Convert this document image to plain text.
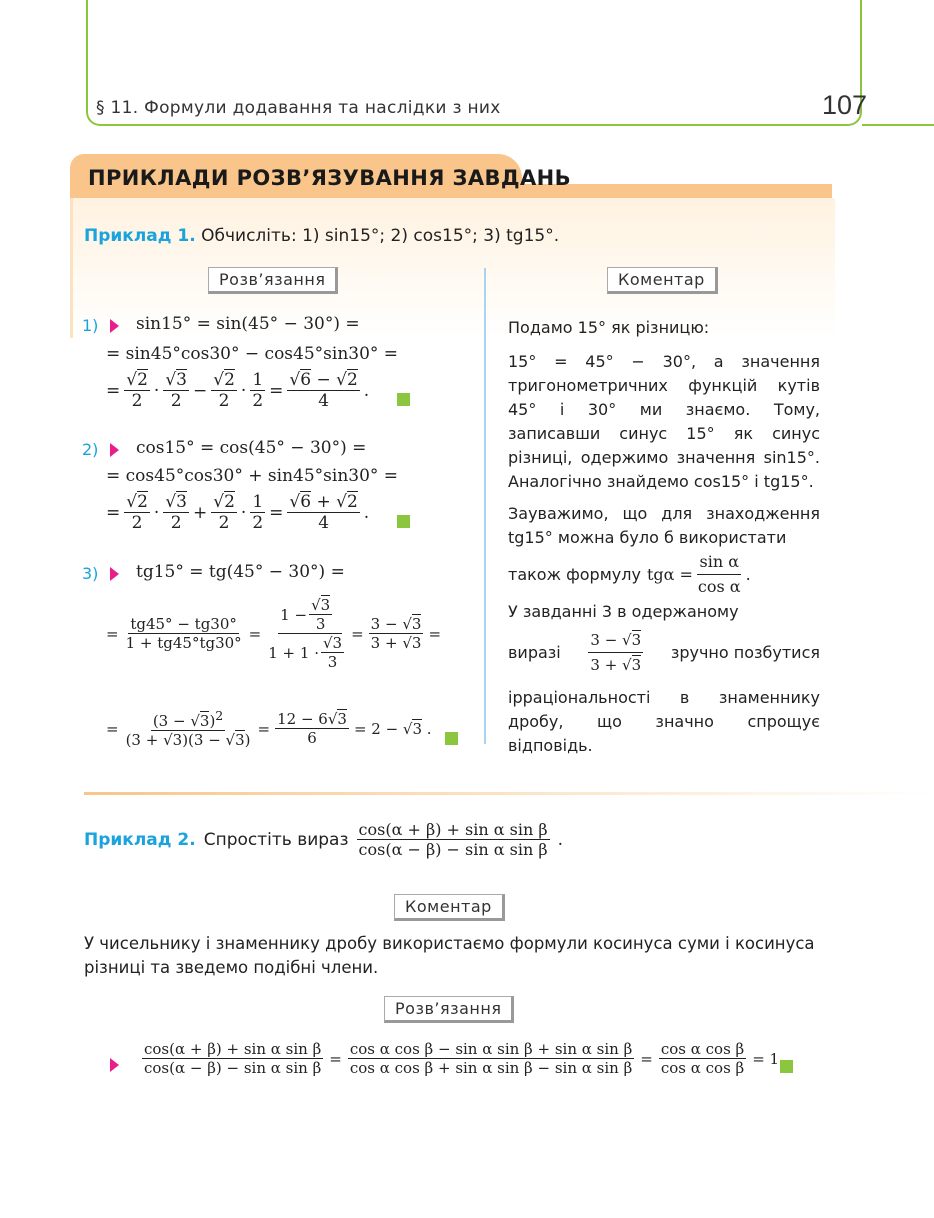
§ 11. Формули додавання та наслідки з них	107
ПРИКЛАДИ РОЗВ’ЯЗУВАННЯ ЗАВДАНЬ
Приклад 1. Обчисліть: 1) sin15°; 2) cos15°; 3) tg15°.
Розв’язання	Коментар
1) sin15° = sin(45° − 30°) =
= sin45°cos30° − cos45°sin30° =
= $\frac{√2}{2}$ ·
√3
2
− $\frac{√2}{2} \cdot \frac{1}{2} = \frac{√6 - √2}{4}$ .
2) cos15° = cos(45° − 30°) =
= cos45°cos30° + sin45°sin30° =
= $\frac{√2}{2}$ ·
√3
2
+ $\frac{√2}{2} \cdot \frac{1}{2} = \frac{√6 + √2}{4}$ .
3) tg15° = tg(45° − 30°) =
= $\frac{tg45^\circ - tg30^\circ}{1 + tg45^\circ tg30^\circ} = 1$ −
√3
3
1 + 1 ·
√3
$3 = \frac{3 - √3}{3 + √3}$ =
= $\frac{(3 - √3)^2}{(3 + √3)(3 - √3)} = \frac{12 - 6√3}{6} = 2 - √3$ .
Подамо 15° як різницю:
15° = 45° − 30°, а значення тригонометричних функцій кутів 45° і 30° ми знаємо. Тому, записавши синус 15° як синус різниці, одержимо значення sin15°. Аналогічно знайдемо cos15° і tg15°.
Зауважимо, що для знаходження tg15° можна було б використати
також формулу tgα =
sin α
cos α
.
У завданні 3 в одержаному
виразі
3 − √3
3 + √3
зручно позбутися
ірраціональності в знаменнику дробу, що значно спрощує відповідь.
Приклад 2. Спростіть вираз cos(α + β) + sin α sin β
cos(α − β) − sin α sin β .
Коментар
У чисельнику і знаменнику дробу використаємо формули косинуса суми і косинуса різниці та зведемо подібні члени.
Розв’язання
$\frac{\text{cos(α + β) + sin α sin β}}{\text{cos(α − β) − sin α sin β}} = \frac{\text{cos α cos β − sin α sin β + sin α sin β}}{\text{cos α cos β + sin α sin β − sin α sin β}} = \frac{\text{cos α cos β}}{\text{cos α cos β}} = 1$
